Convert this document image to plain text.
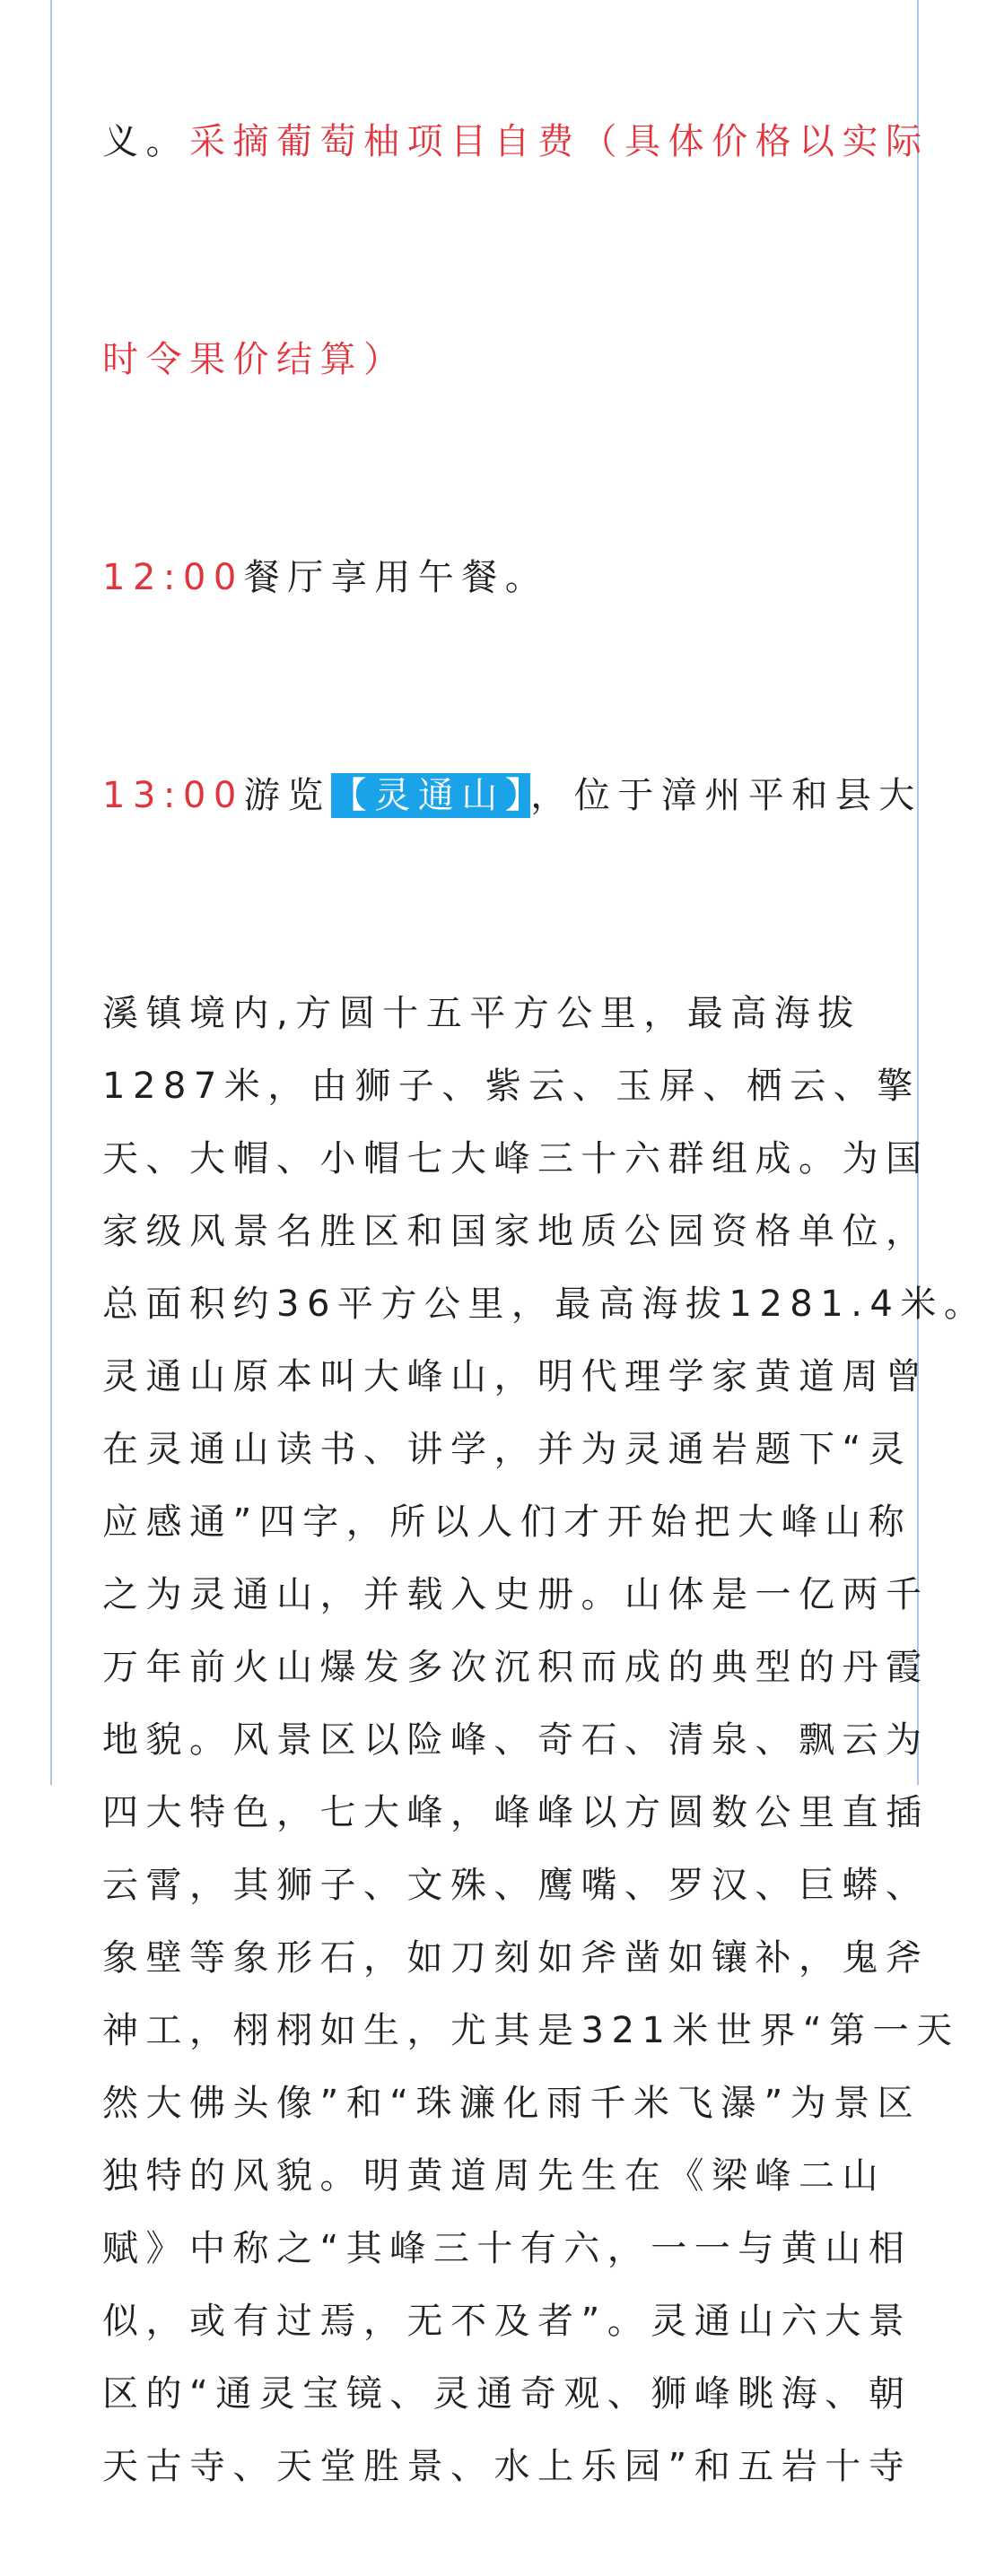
义。采摘葡萄柚项目自费（具体价格以实际

时令果价结算）

12:00餐厅享用午餐。

13:00游览【灵通山】，位于漳州平和县大

溪镇境内,方圆十五平方公里，最高海拔
1287米，由狮子、紫云、玉屏、栖云、擎
天、大帽、小帽七大峰三十六群组成。为国
家级风景名胜区和国家地质公园资格单位，
总面积约36平方公里，最高海拔1281.4米。
灵通山原本叫大峰山，明代理学家黄道周曾
在灵通山读书、讲学，并为灵通岩题下“灵
应感通”四字，所以人们才开始把大峰山称
之为灵通山，并载入史册。山体是一亿两千
万年前火山爆发多次沉积而成的典型的丹霞
地貌。风景区以险峰、奇石、清泉、飘云为
四大特色，七大峰，峰峰以方圆数公里直插
云霄，其狮子、文殊、鹰嘴、罗汉、巨蟒、
象壁等象形石，如刀刻如斧凿如镶补，鬼斧
神工，栩栩如生，尤其是321米世界“第一天
然大佛头像”和“珠濂化雨千米飞瀑”为景区
独特的风貌。明黄道周先生在《梁峰二山
赋》中称之“其峰三十有六，一一与黄山相
似，或有过焉，无不及者”。灵通山六大景
区的“通灵宝镜、灵通奇观、狮峰眺海、朝
天古寺、天堂胜景、水上乐园”和五岩十寺
